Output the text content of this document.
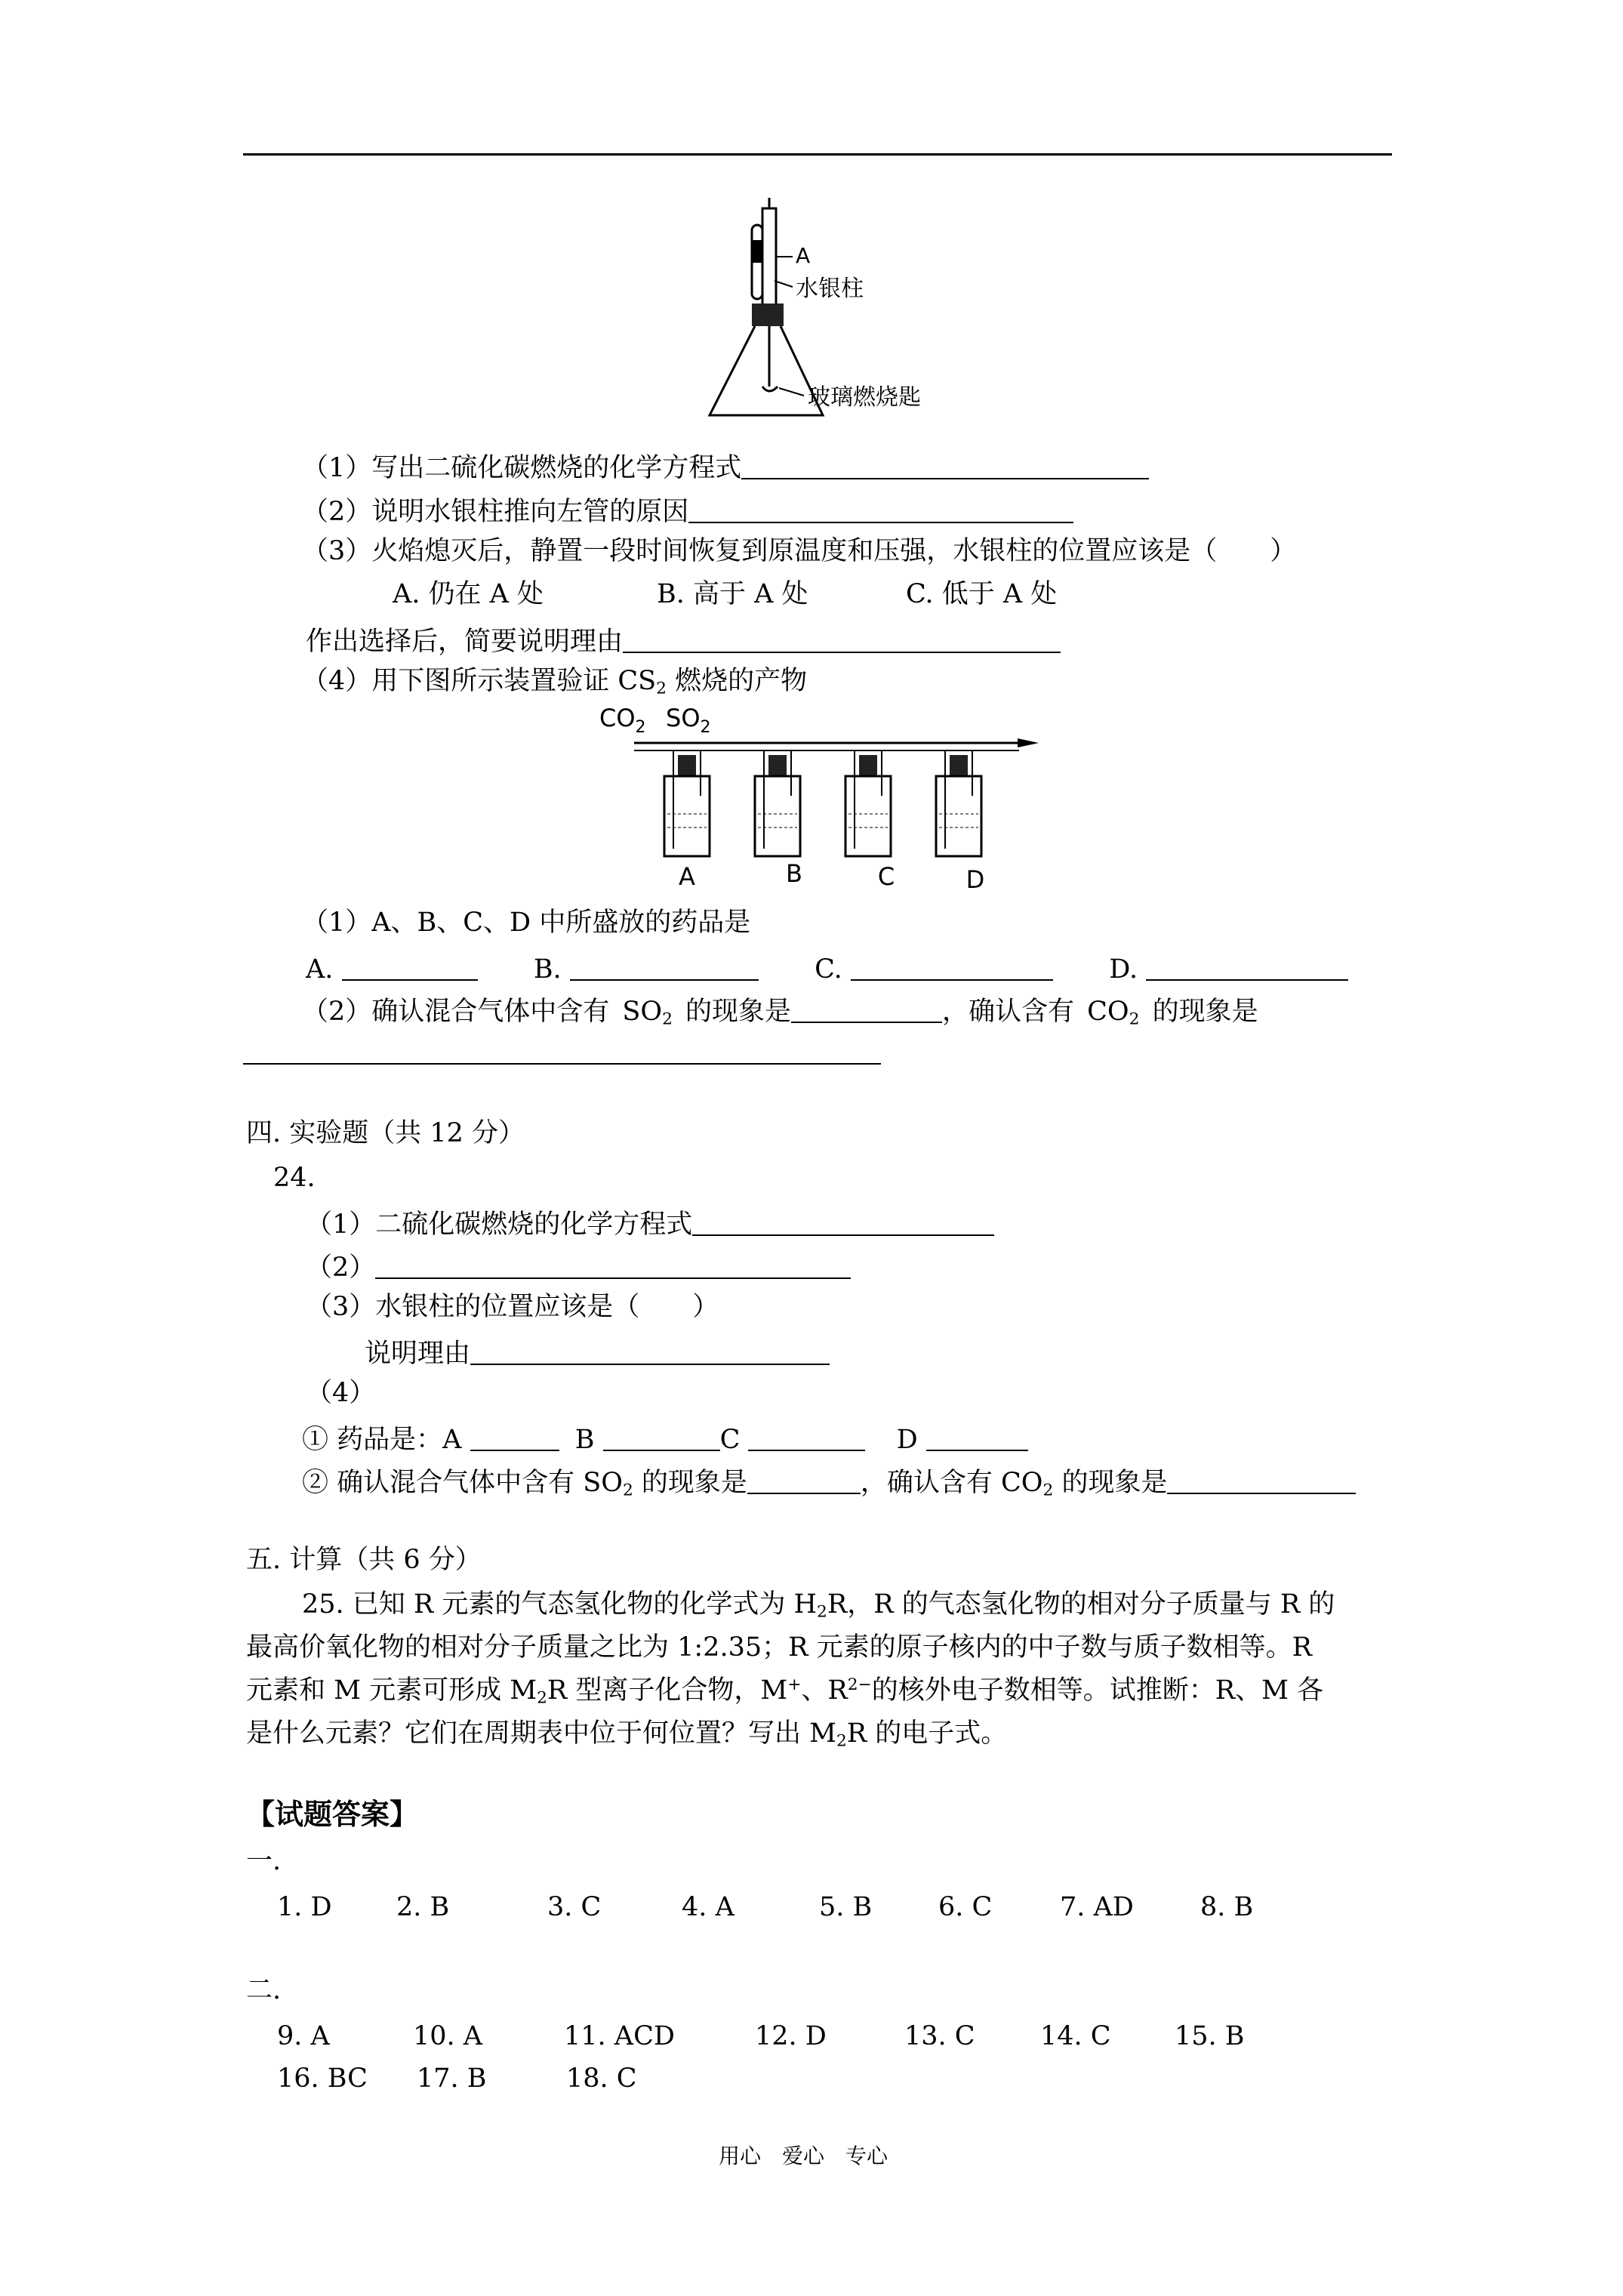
A
水银柱
玻璃燃烧匙
（1）写出二硫化碳燃烧的化学方程式
（2）说明水银柱推向左管的原因
（3）火焰熄灭后，静置一段时间恢复到原温度和压强，水银柱的位置应该是（　　）
A. 仍在 A 处	B. 高于 A 处	C. 低于 A 处
作出选择后，简要说明理由
（4）用下图所示装置验证 $CS_2$ 燃烧的产物
$CO_2$ $SO_2$
A	B	C	D
（1）A、B、C、D 中所盛放的药品是
A.	B.	C.	D.
（2）确认混合气体中含有 $SO_2$ 的现象是	，确认含有 $CO_2$ 的现象是
四. 实验题（共 12 分）
24.
（1）二硫化碳燃烧的化学方程式
（2）
（3）水银柱的位置应该是（　　）
说明理由
（4）
① 药品是：A	B	C	D
② 确认混合气体中含有 $SO_2$ 的现象是	，确认含有 $CO_2$ 的现象是
五. 计算（共 6 分）
25. 已知 R 元素的气态氢化物的化学式为 $H_2R$，R 的气态氢化物的相对分子质量与 R 的
最高价氧化物的相对分子质量之比为 1:2.35；R 元素的原子核内的中子数与质子数相等。R
元素和 M 元素可形成 $M_2R$ 型离子化合物，M+、$R^{2-}$的核外电子数相等。试推断：R、M 各
是什么元素？它们在周期表中位于何位置？写出 $M_2R$ 的电子式。
【试题答案】
一.
1. D 2. B	3. C	4. A	5. B	6. C	7. AD	8. B
二.
9. A	10. A	11. ACD	12. D	13. C 14. C 15. B
16. BC 17. B	18. C
用心　爱心　专心
